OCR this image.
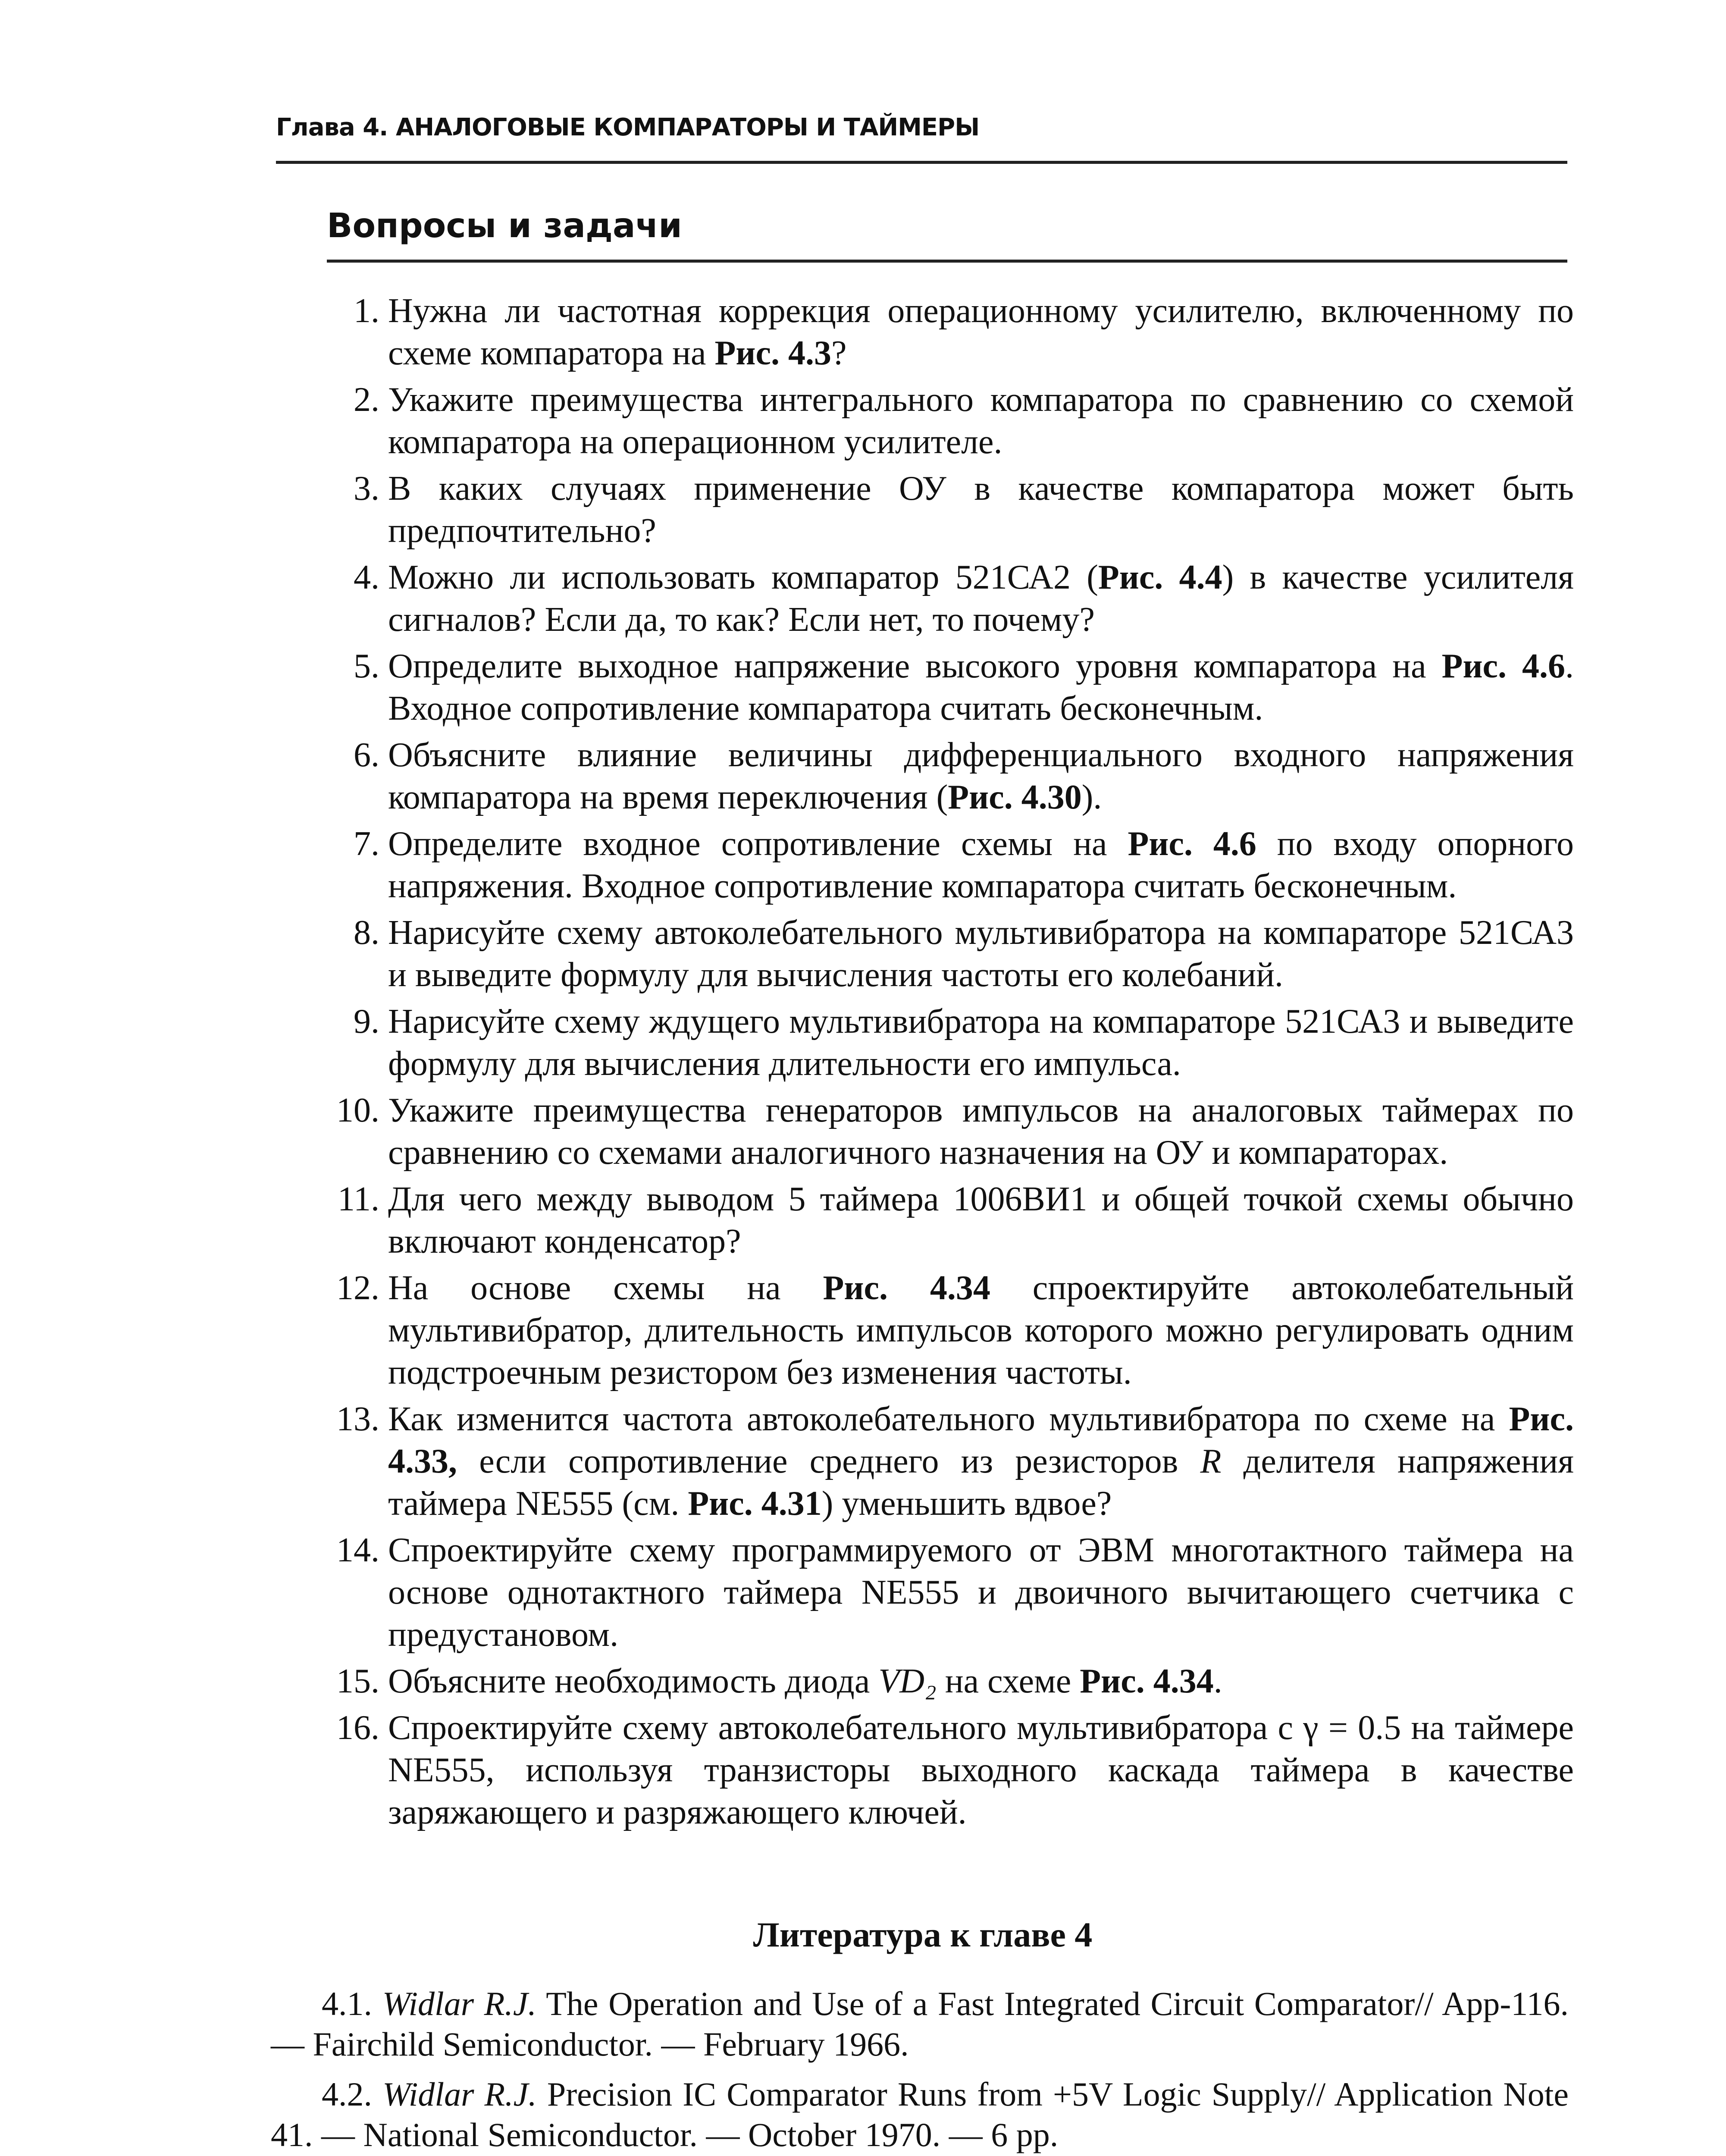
Глава 4. АНАЛОГОВЫЕ КОМПАРАТОРЫ И ТАЙМЕРЫ
Вопросы и задачи
1. Нужна ли частотная коррекция операционному усилителю, включенному по схеме компаратора на Рис. 4.3?
2. Укажите преимущества интегрального компаратора по сравнению со схемой компаратора на операционном усилителе.
3. В каких случаях применение ОУ в качестве компаратора может быть предпочтительно?
4. Можно ли использовать компаратор 521СА2 (Рис. 4.4) в качестве усилителя сигналов? Если да, то как? Если нет, то почему?
5. Определите выходное напряжение высокого уровня компаратора на Рис. 4.6. Входное сопротивление компаратора считать бесконечным.
6. Объясните влияние величины дифференциального входного напряжения компаратора на время переключения (Рис. 4.30).
7. Определите входное сопротивление схемы на Рис. 4.6 по входу опорного напряжения. Входное сопротивление компаратора считать бесконечным.
8. Нарисуйте схему автоколебательного мультивибратора на компараторе 521СА3 и выведите формулу для вычисления частоты его колебаний.
9. Нарисуйте схему ждущего мультивибратора на компараторе 521СА3 и выведите формулу для вычисления длительности его импульса.
10. Укажите преимущества генераторов импульсов на аналоговых таймерах по сравнению со схемами аналогичного назначения на ОУ и компараторах.
11. Для чего между выводом 5 таймера 1006ВИ1 и общей точкой схемы обычно включают конденсатор?
12. На основе схемы на Рис. 4.34 спроектируйте автоколебательный мультивибратор, длительность импульсов которого можно регулировать одним подстроечным резистором без изменения частоты.
13. Как изменится частота автоколебательного мультивибратора по схеме на Рис. 4.33, если сопротивление среднего из резисторов R делителя напряжения таймера NE555 (см. Рис. 4.31) уменьшить вдвое?
14. Спроектируйте схему программируемого от ЭВМ многотактного таймера на основе однотактного таймера NE555 и двоичного вычитающего счетчика с предустановом.
15. Объясните необходимость диода VD₂ на схеме Рис. 4.34.
16. Спроектируйте схему автоколебательного мультивибратора с γ = 0.5 на таймере NE555, используя транзисторы выходного каскада таймера в качестве заряжающего и разряжающего ключей.
Литература к главе 4

4.1. Widlar R.J. The Operation and Use of a Fast Integrated Circuit Comparator// App-116. — Fairchild Semiconductor. — February 1966.

4.2. Widlar R.J. Precision IC Comparator Runs from +5V Logic Supply// Application Note 41. — National Semiconductor. — October 1970. — 6 pp.
